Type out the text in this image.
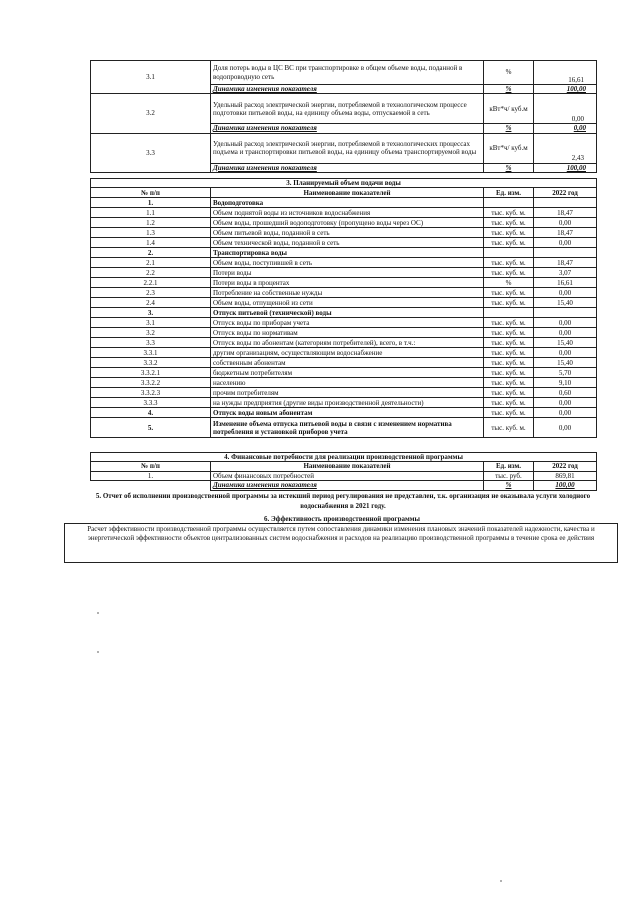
3.1	Доля потерь воды в ЦС ВС при транспортировке в общем объеме воды, поданной в водопроводную сеть	%	16,61
	Динамика изменения показателя	%	100,00
3.2	Удельный расход электрической энергии, потребляемой в технологическом процессе подготовки питьевой воды, на единицу объема воды, отпускаемой в сеть	кВт*ч/ куб.м	0,00
	Динамика изменения показателя	%	0,00
3.3	Удельный расход электрической энергии, потребляемой в технологических процессах подъема и транспортировки питьевой воды, на единицу объема транспортируемой воды	кВт*ч/ куб.м	2,43
	Динамика изменения показателя	%	100,00
3. Планируемый объем подачи воды			
№ п/п	Наименование показателей	Ед. изм.	2022 год
1.	Водоподготовка		
1.1	Объем поднятой воды из источников водоснабжения	тыс. куб. м.	18,47
1.2	Объем воды, прошедший водоподготовку (пропущено воды через ОС)	тыс. куб. м.	0,00
1.3	Объем питьевой воды, поданной в сеть	тыс. куб. м.	18,47
1.4	Объем технической воды, поданной в сеть	тыс. куб. м.	0,00
2.	Транспортировка воды		
2.1	Объем воды, поступившей в сеть	тыс. куб. м.	18,47
2.2	Потери воды	тыс. куб. м.	3,07
2.2.1	Потери воды в процентах	%	16,61
2.3	Потребление на собственные нужды	тыс. куб. м.	0,00
2.4	Объем воды, отпущенной из сети	тыс. куб. м.	15,40
3.	Отпуск питьевой (технической) воды		
3.1	Отпуск воды по приборам учета	тыс. куб. м.	0,00
3.2	Отпуск воды по нормативам	тыс. куб. м.	0,00
3.3	Отпуск воды по абонентам (категориям потребителей), всего, в т.ч.:	тыс. куб. м.	15,40
3.3.1	другим организациям, осуществляющим водоснабжение	тыс. куб. м.	0,00
3.3.2	собственным абонентам	тыс. куб. м.	15,40
3.3.2.1	бюджетным потребителям	тыс. куб. м.	5,70
3.3.2.2	населению	тыс. куб. м.	9,10
3.3.2.3	прочим потребителям	тыс. куб. м.	0,60
3.3.3	на нужды предприятия (другие виды производственной деятельности)	тыс. куб. м.	0,00
4.	Отпуск воды новым абонентам	тыс. куб. м.	0,00
5.	Изменение объема отпуска питьевой воды в связи с изменением норматива потребления и установкой приборов учета	тыс. куб. м.	0,00
4. Финансовые потребности для реализации производственной программы			
№ п/п	Наименование показателей	Ед. изм.	2022 год
1.	Объем финансовых потребностей	тыс. руб.	869,81
	Динамика изменения показателя	%	100,00
5. Отчет об исполнении производственной программы за истекший период регулирования не представлен, т.к. организация не оказывала услуги холодного водоснабжения в 2021 году.
6. Эффективность производственной программы
Расчет эффективности производственной программы осуществляется путем сопоставления динамики изменения плановых значений показателей надежности, качества и энергетической эффективности объектов централизованных систем водоснабжения и расходов на реализацию производственной программы в течение срока ее действия
